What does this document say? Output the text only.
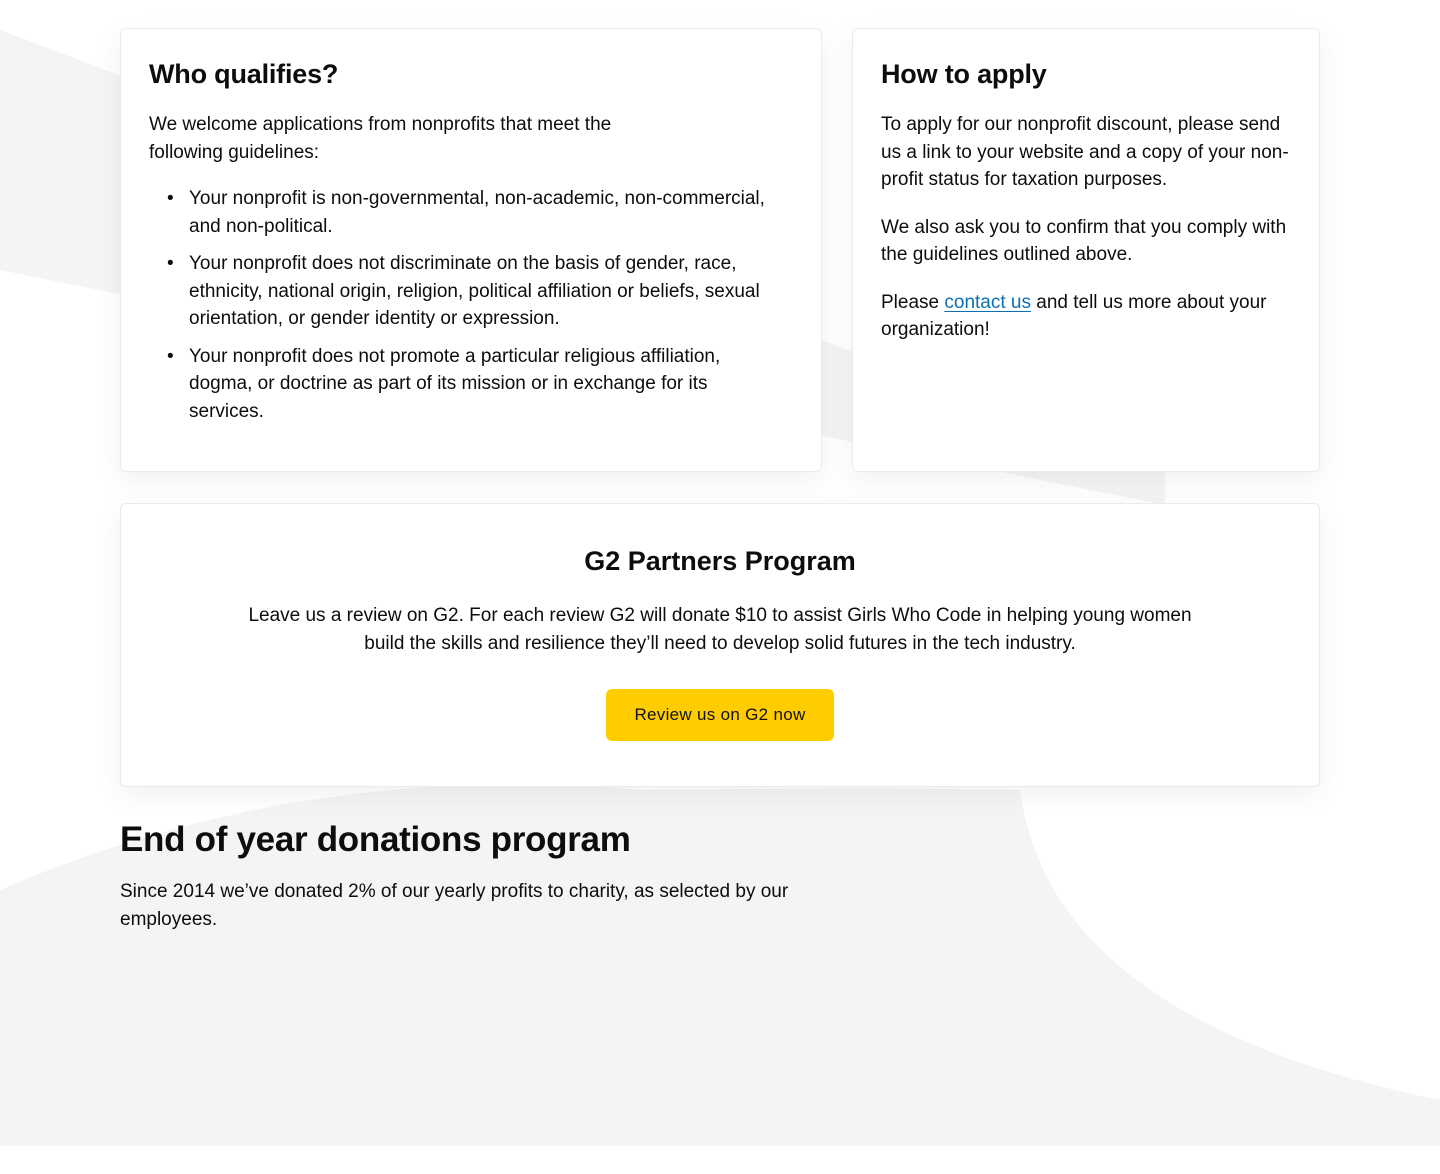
Who qualifies?

We welcome applications from nonprofits that meet the following guidelines:

• Your nonprofit is non-governmental, non-academic, non-commercial, and non-political.
• Your nonprofit does not discriminate on the basis of gender, race, ethnicity, national origin, religion, political affiliation or beliefs, sexual orientation, or gender identity or expression.
• Your nonprofit does not promote a particular religious affiliation, dogma, or doctrine as part of its mission or in exchange for its services.
How to apply

To apply for our nonprofit discount, please send us a link to your website and a copy of your non-profit status for taxation purposes.

We also ask you to confirm that you comply with the guidelines outlined above.

Please contact us and tell us more about your organization!

G2 Partners Program

Leave us a review on G2. For each review G2 will donate $10 to assist Girls Who Code in helping young women build the skills and resilience they’ll need to develop solid futures in the tech industry.

Review us on G2 now
End of year donations program

Since 2014 we’ve donated 2% of our yearly profits to charity, as selected by our employees.
